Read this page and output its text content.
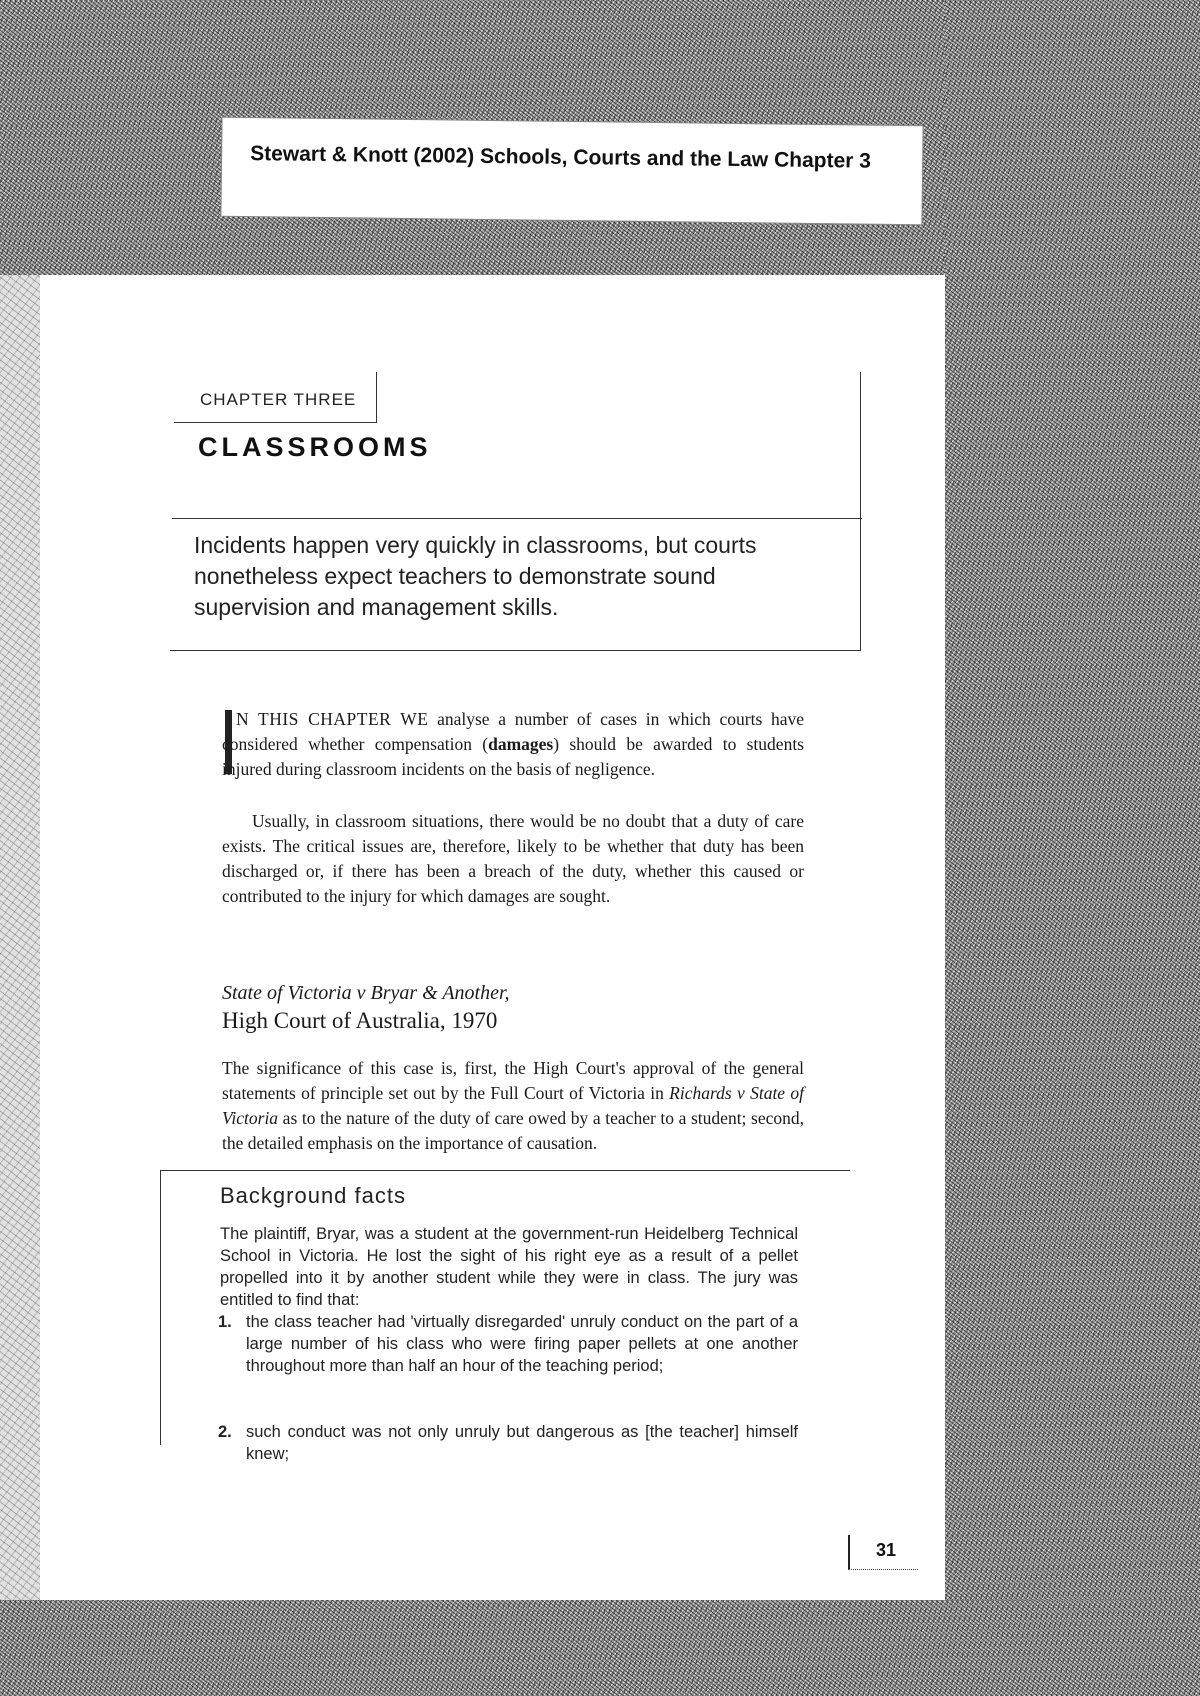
Stewart & Knott (2002) Schools, Courts and the Law Chapter 3
CHAPTER THREE
CLASSROOMS
Incidents happen very quickly in classrooms, but courts nonetheless expect teachers to demonstrate sound supervision and management skills.

N THIS CHAPTER WE analyse a number of cases in which courts have considered whether compensation (damages) should be awarded to students injured during classroom incidents on the basis of negligence.

Usually, in classroom situations, there would be no doubt that a duty of care exists. The critical issues are, therefore, likely to be whether that duty has been discharged or, if there has been a breach of the duty, whether this caused or contributed to the injury for which damages are sought.

State of Victoria v Bryar & Another,
High Court of Australia, 1970

The significance of this case is, first, the High Court's approval of the general statements of principle set out by the Full Court of Victoria in Richards v State of Victoria as to the nature of the duty of care owed by a teacher to a student; second, the detailed emphasis on the importance of causation.

Background facts

The plaintiff, Bryar, was a student at the government-run Heidelberg Technical School in Victoria. He lost the sight of his right eye as a result of a pellet propelled into it by another student while they were in class. The jury was entitled to find that:

1. the class teacher had 'virtually disregarded' unruly conduct on the part of a large number of his class who were firing paper pellets at one another throughout more than half an hour of the teaching period;
2. such conduct was not only unruly but dangerous as [the teacher] himself knew;
31
